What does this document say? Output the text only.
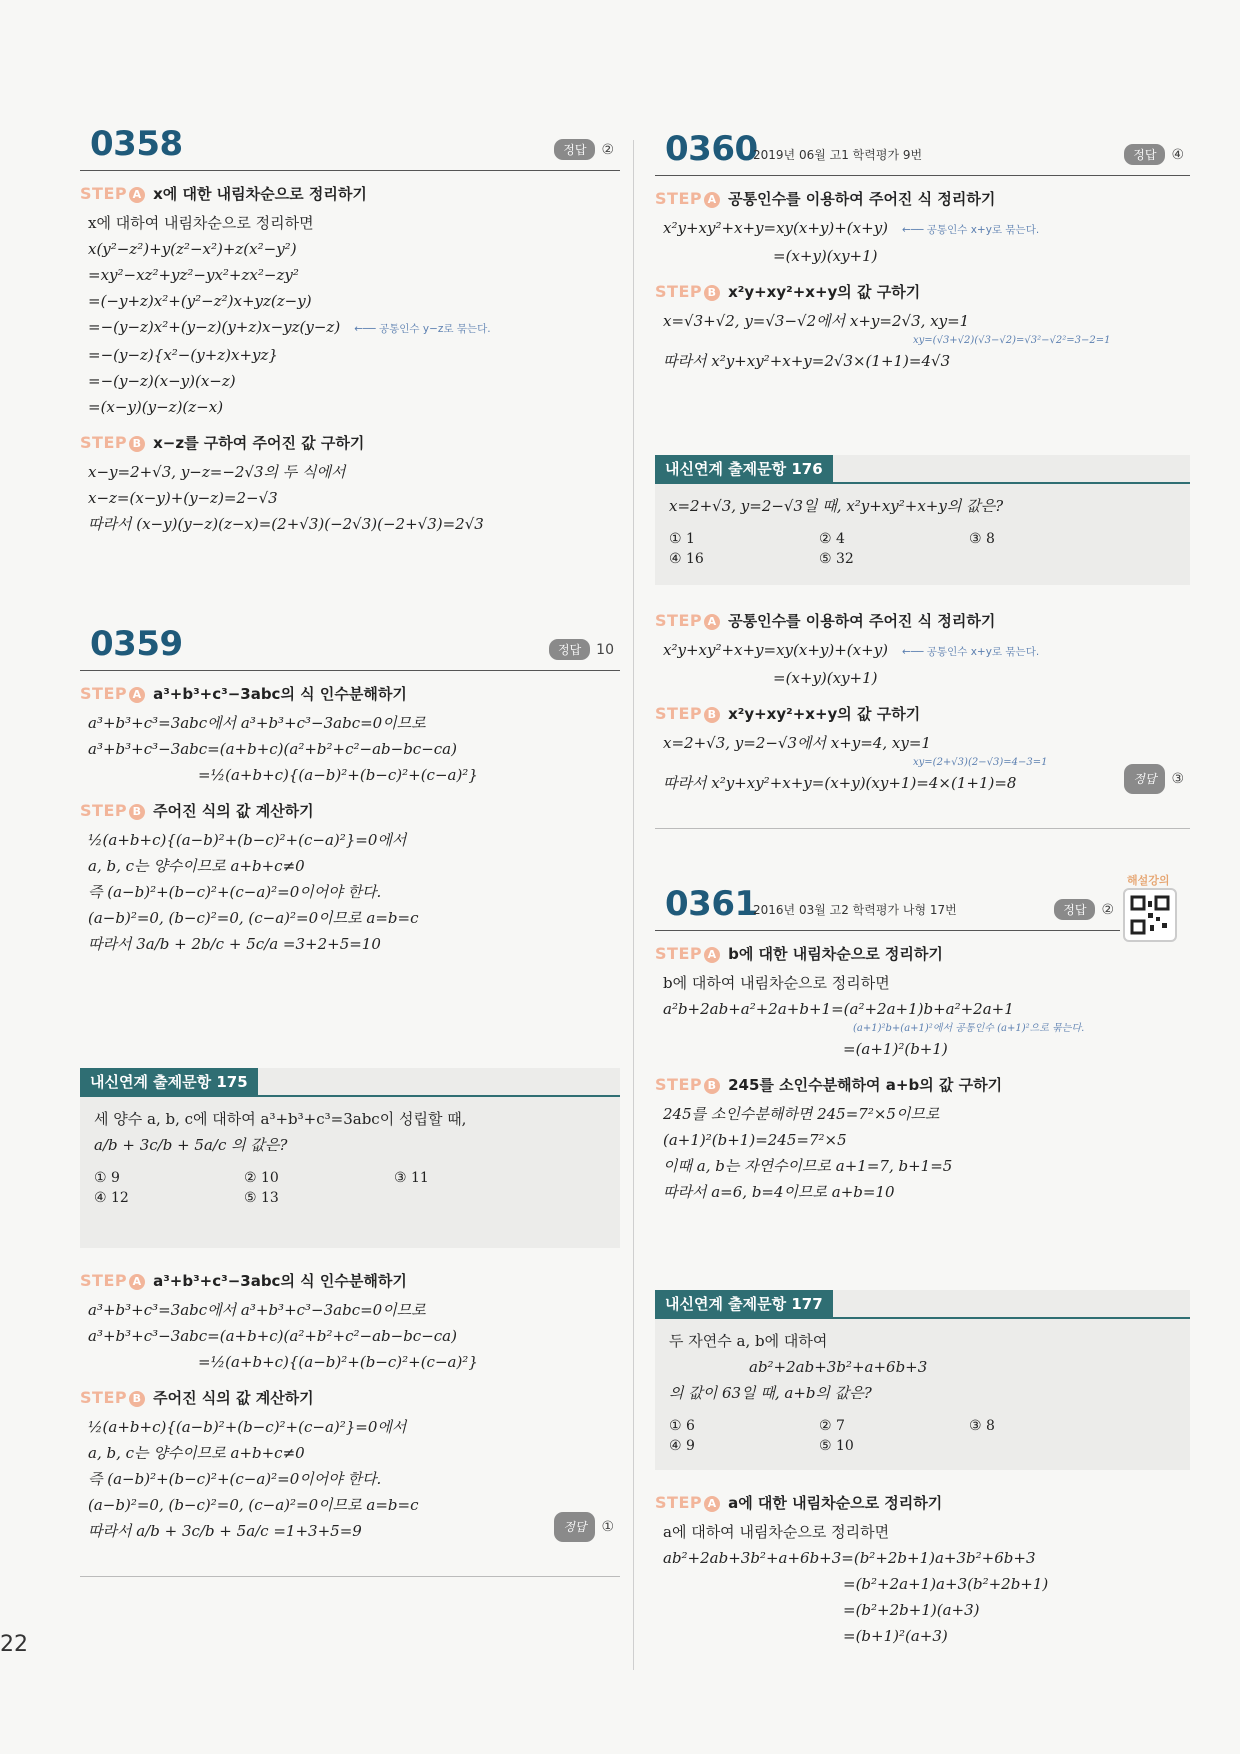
0358	정답	②
STEP A x에 대한 내림차순으로 정리하기
x에 대하여 내림차순으로 정리하면
x(y²−z²)+y(z²−x²)+z(x²−y²)
=xy²−xz²+yz²−yx²+zx²−zy²
=(−y+z)x²+(y²−z²)x+yz(z−y)
=−(y−z)x²+(y−z)(y+z)x−yz(y−z) ←── 공통인수 y−z로 묶는다.
=−(y−z){x²−(y+z)x+yz}
=−(y−z)(x−y)(x−z)
=(x−y)(y−z)(z−x)
STEP B x−z를 구하여 주어진 값 구하기
x−y=2+√3, y−z=−2√3의 두 식에서
x−z=(x−y)+(y−z)=2−√3
따라서 (x−y)(y−z)(z−x)=(2+√3)(−2√3)(−2+√3)=2√3
0359	정답	10
STEP A a³+b³+c³−3abc의 식 인수분해하기
a³+b³+c³=3abc에서 a³+b³+c³−3abc=0이므로
a³+b³+c³−3abc=(a+b+c)(a²+b²+c²−ab−bc−ca)
=½(a+b+c){(a−b)²+(b−c)²+(c−a)²}
STEP B 주어진 식의 값 계산하기
½(a+b+c){(a−b)²+(b−c)²+(c−a)²}=0에서
a, b, c는 양수이므로 a+b+c≠0
즉 (a−b)²+(b−c)²+(c−a)²=0이어야 한다.
(a−b)²=0, (b−c)²=0, (c−a)²=0이므로 a=b=c
따라서 3a/b + 2b/c + 5c/a =3+2+5=10
내신연계 출제문항 175
세 양수 a, b, c에 대하여 a³+b³+c³=3abc이 성립할 때,
a/b + 3c/b + 5a/c 의 값은?
① 9	② 10	③ 11
④ 12	⑤ 13
STEP A a³+b³+c³−3abc의 식 인수분해하기
a³+b³+c³=3abc에서 a³+b³+c³−3abc=0이므로
a³+b³+c³−3abc=(a+b+c)(a²+b²+c²−ab−bc−ca)
=½(a+b+c){(a−b)²+(b−c)²+(c−a)²}
STEP B 주어진 식의 값 계산하기
½(a+b+c){(a−b)²+(b−c)²+(c−a)²}=0에서
a, b, c는 양수이므로 a+b+c≠0
즉 (a−b)²+(b−c)²+(c−a)²=0이어야 한다.
(a−b)²=0, (b−c)²=0, (c−a)²=0이므로 a=b=c
따라서 a/b + 3c/b + 5a/c =1+3+5=9	정답	①
0360
2019년 06월 고1 학력평가 9번	정답	④
STEP A 공통인수를 이용하여 주어진 식 정리하기
x²y+xy²+x+y=xy(x+y)+(x+y) ←── 공통인수 x+y로 묶는다.
=(x+y)(xy+1)
STEP B x²y+xy²+x+y의 값 구하기
x=√3+√2, y=√3−√2에서 x+y=2√3, xy=1
xy=(√3+√2)(√3−√2)=√3²−√2²=3−2=1
따라서 x²y+xy²+x+y=2√3×(1+1)=4√3
내신연계 출제문항 176
x=2+√3, y=2−√3일 때, x²y+xy²+x+y의 값은?
① 1	② 4	③ 8
④ 16	⑤ 32
STEP A 공통인수를 이용하여 주어진 식 정리하기
x²y+xy²+x+y=xy(x+y)+(x+y) ←── 공통인수 x+y로 묶는다.
=(x+y)(xy+1)
STEP B x²y+xy²+x+y의 값 구하기
x=2+√3, y=2−√3에서 x+y=4, xy=1
xy=(2+√3)(2−√3)=4−3=1
따라서 x²y+xy²+x+y=(x+y)(xy+1)=4×(1+1)=8	정답	③
해설강의
0361
2016년 03월 고2 학력평가 나형 17번	정답	②
STEP A b에 대한 내림차순으로 정리하기
b에 대하여 내림차순으로 정리하면
a²b+2ab+a²+2a+b+1=(a²+2a+1)b+a²+2a+1
(a+1)²b+(a+1)²에서 공통인수 (a+1)²으로 묶는다.
=(a+1)²(b+1)
STEP B 245를 소인수분해하여 a+b의 값 구하기
245를 소인수분해하면 245=7²×5이므로
(a+1)²(b+1)=245=7²×5
이때 a, b는 자연수이므로 a+1=7, b+1=5
따라서 a=6, b=4이므로 a+b=10
내신연계 출제문항 177
두 자연수 a, b에 대하여
ab²+2ab+3b²+a+6b+3
의 값이 63일 때, a+b의 값은?
① 6	② 7	③ 8
④ 9	⑤ 10
STEP A a에 대한 내림차순으로 정리하기
a에 대하여 내림차순으로 정리하면
ab²+2ab+3b²+a+6b+3=(b²+2b+1)a+3b²+6b+3
=(b²+2a+1)a+3(b²+2b+1)
=(b²+2b+1)(a+3)
=(b+1)²(a+3)
22
